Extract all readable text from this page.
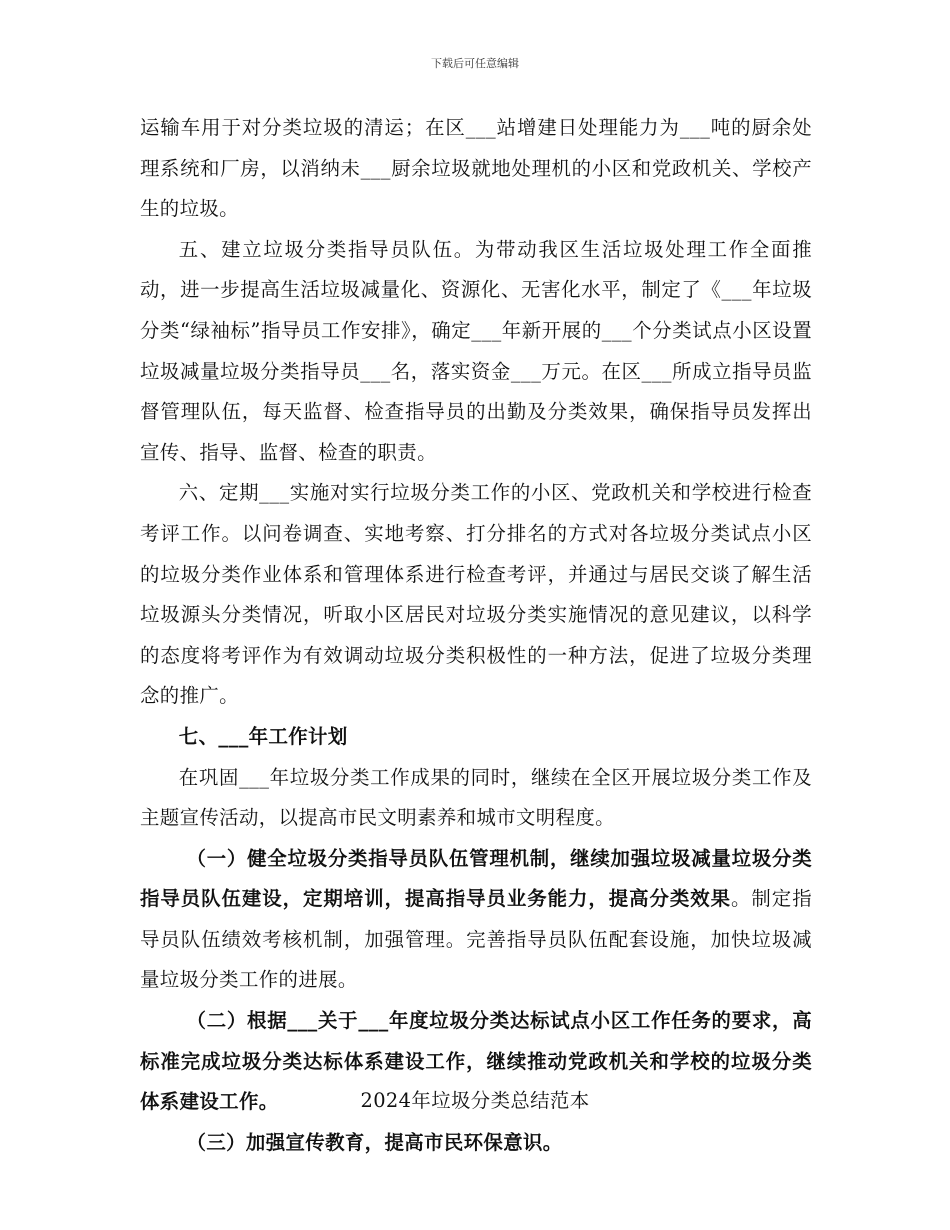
下载后可任意编辑

运输车用于对分类垃圾的清运；在区___站增建日处理能力为___吨的厨余处理系统和厂房，以消纳未___厨余垃圾就地处理机的小区和党政机关、学校产生的垃圾。

五、建立垃圾分类指导员队伍。为带动我区生活垃圾处理工作全面推动，进一步提高生活垃圾减量化、资源化、无害化水平，制定了《___年垃圾分类“绿袖标”指导员工作安排》，确定___年新开展的___个分类试点小区设置垃圾减量垃圾分类指导员___名，落实资金___万元。在区___所成立指导员监督管理队伍，每天监督、检查指导员的出勤及分类效果，确保指导员发挥出宣传、指导、监督、检查的职责。

六、定期___实施对实行垃圾分类工作的小区、党政机关和学校进行检查考评工作。以问卷调查、实地考察、打分排名的方式对各垃圾分类试点小区的垃圾分类作业体系和管理体系进行检查考评，并通过与居民交谈了解生活垃圾源头分类情况，听取小区居民对垃圾分类实施情况的意见建议，以科学的态度将考评作为有效调动垃圾分类积极性的一种方法，促进了垃圾分类理念的推广。

七、___年工作计划

在巩固___年垃圾分类工作成果的同时，继续在全区开展垃圾分类工作及主题宣传活动，以提高市民文明素养和城市文明程度。

（一）健全垃圾分类指导员队伍管理机制，继续加强垃圾减量垃圾分类指导员队伍建设，定期培训，提高指导员业务能力，提高分类效果。制定指导员队伍绩效考核机制，加强管理。完善指导员队伍配套设施，加快垃圾减量垃圾分类工作的进展。

（二）根据___关于___年度垃圾分类达标试点小区工作任务的要求，高标准完成垃圾分类达标体系建设工作，继续推动党政机关和学校的垃圾分类体系建设工作。

（三）加强宣传教育，提高市民环保意识。

2024年垃圾分类总结范本
